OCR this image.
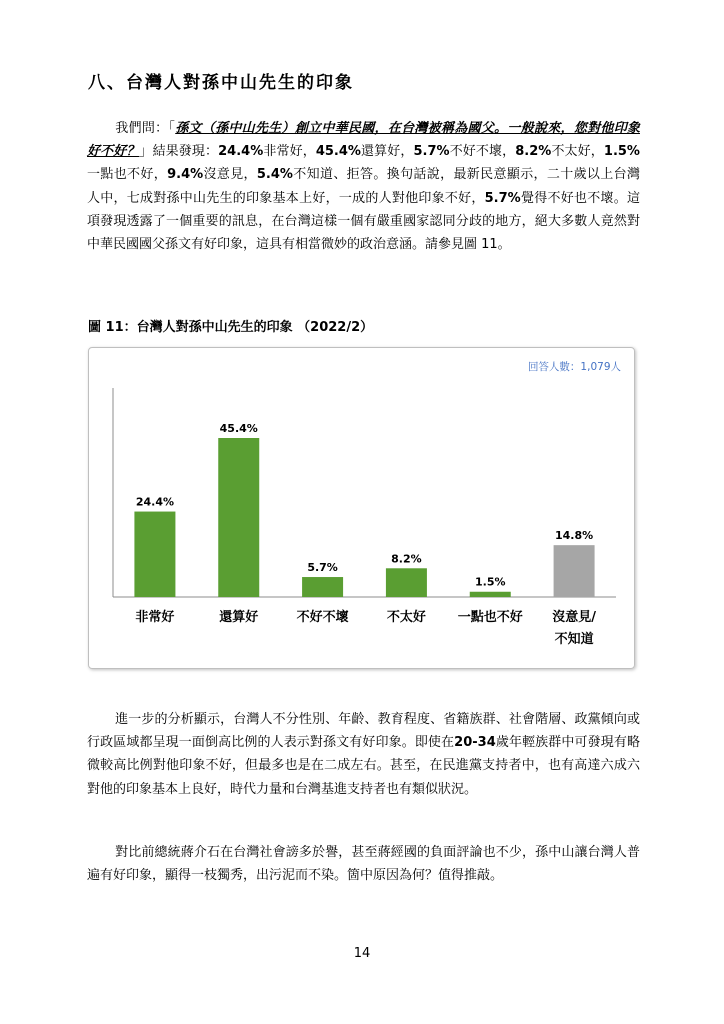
八、台灣人對孫中山先生的印象
我們問：「孫文（孫中山先生）創立中華民國，在台灣被稱為國父。一般說來，您對他印象好不好？」結果發現：24.4%非常好，45.4%還算好，5.7%不好不壞，8.2%不太好，1.5%一點也不好，9.4%沒意見，5.4%不知道、拒答。換句話說，最新民意顯示，二十歲以上台灣人中，七成對孫中山先生的印象基本上好，一成的人對他印象不好，5.7%覺得不好也不壞。這項發現透露了一個重要的訊息，在台灣這樣一個有嚴重國家認同分歧的地方，絕大多數人竟然對中華民國國父孫文有好印象，這具有相當微妙的政治意涵。請參見圖 11。
圖 11：台灣人對孫中山先生的印象 （2022/2）
24.4%
非常好
45.4%
還算好
5.7%
不好不壞
8.2%
不太好
1.5%
一點也不好
14.8%
沒意見/
不知道
回答人數：1,079人
進一步的分析顯示，台灣人不分性別、年齡、教育程度、省籍族群、社會階層、政黨傾向或行政區域都呈現一面倒高比例的人表示對孫文有好印象。即使在20-34歲年輕族群中可發現有略微較高比例對他印象不好，但最多也是在二成左右。甚至，在民進黨支持者中，也有高達六成六對他的印象基本上良好，時代力量和台灣基進支持者也有類似狀況。
對比前總統蔣介石在台灣社會謗多於譽，甚至蔣經國的負面評論也不少，孫中山讓台灣人普遍有好印象，顯得一枝獨秀，出污泥而不染。箇中原因為何？值得推敲。
14
